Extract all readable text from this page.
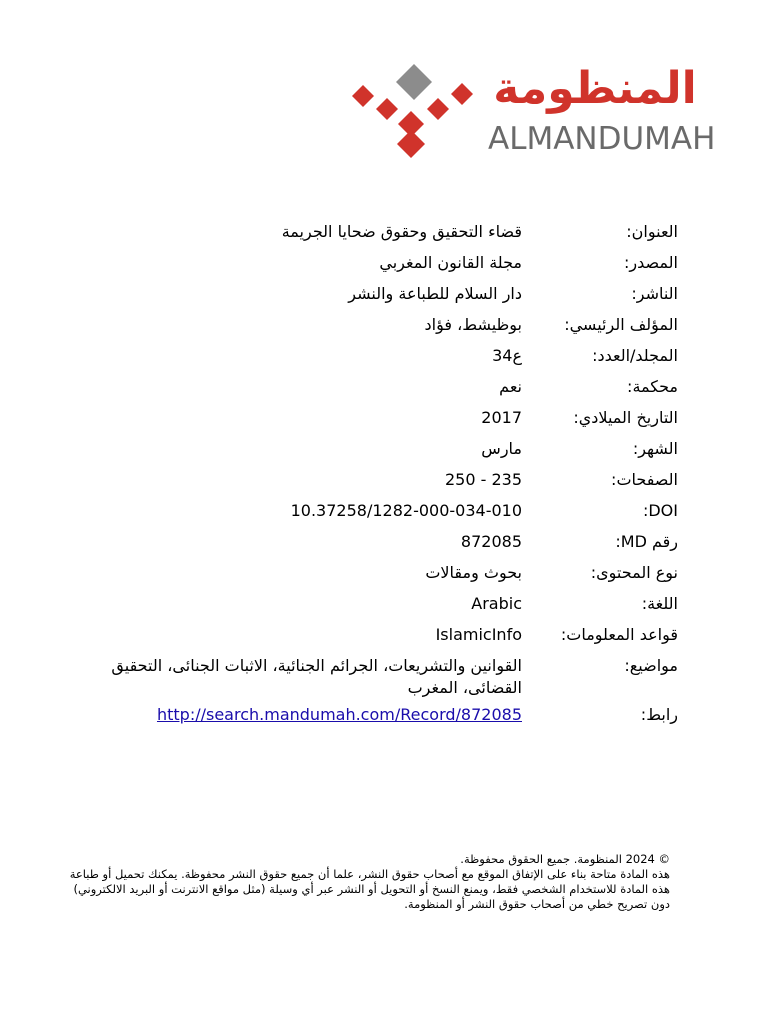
المنظومة
ALMANDUMAH
العنوان:
قضاء التحقيق وحقوق ضحايا الجريمة
المصدر:
مجلة القانون المغربي
الناشر:
دار السلام للطباعة والنشر
المؤلف الرئيسي:
بوظيشط، فؤاد
المجلد/العدد:
ع34
محكمة:
نعم
التاريخ الميلادي:
2017
الشهر:
مارس
الصفحات:
235 - 250
DOI:
10.37258/1282-000-034-010
رقم MD:
872085
نوع المحتوى:
بحوث ومقالات
اللغة:
Arabic
قواعد المعلومات:
IslamicInfo
مواضيع:
القوانين والتشريعات، الجرائم الجنائية، الاثبات الجنائى، التحقيق القضائى، المغرب
رابط:
http://search.mandumah.com/Record/872085

© 2024 المنظومة. جميع الحقوق محفوظة.

هذه المادة متاحة بناء على الإتفاق الموقع مع أصحاب حقوق النشر، علما أن جميع حقوق النشر محفوظة. يمكنك تحميل أو طباعة هذه المادة للاستخدام الشخصي فقط، ويمنع النسخ أو التحويل أو النشر عبر أي وسيلة (مثل مواقع الانترنت أو البريد الالكتروني) دون تصريح خطي من أصحاب حقوق النشر أو المنظومة.
